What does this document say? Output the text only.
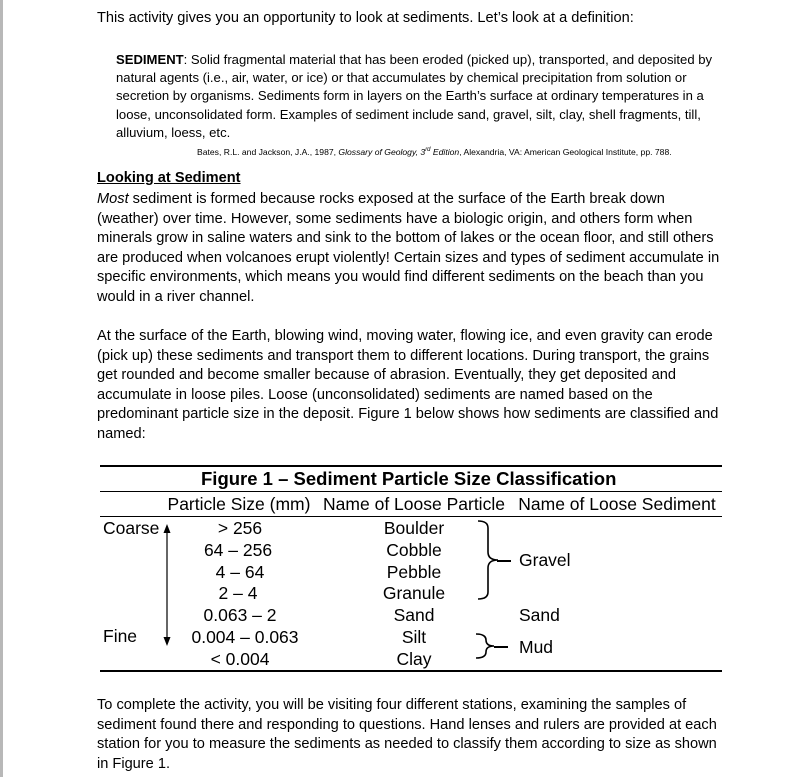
This activity gives you an opportunity to look at sediments. Let’s look at a definition:

SEDIMENT: Solid fragmental material that has been eroded (picked up), transported, and deposited by natural agents (i.e., air, water, or ice) or that accumulates by chemical precipitation from solution or secretion by organisms. Sediments form in layers on the Earth’s surface at ordinary temperatures in a loose, unconsolidated form. Examples of sediment include sand, gravel, silt, clay, shell fragments, till, alluvium, loess, etc.
Bates, R.L. and Jackson, J.A., 1987, Glossary of Geology, 3rd Edition, Alexandria, VA: American Geological Institute, pp. 788.
Looking at Sediment

Most sediment is formed because rocks exposed at the surface of the Earth break down (weather) over time. However, some sediments have a biologic origin, and others form when minerals grow in saline waters and sink to the bottom of lakes or the ocean floor, and still others are produced when volcanoes erupt violently! Certain sizes and types of sediment accumulate in specific environments, which means you would find different sediments on the beach than you would in a river channel.

At the surface of the Earth, blowing wind, moving water, flowing ice, and even gravity can erode (pick up) these sediments and transport them to different locations. During transport, the grains get rounded and become smaller because of abrasion. Eventually, they get deposited and accumulate in loose piles. Loose (unconsolidated) sediments are named based on the predominant particle size in the deposit. Figure 1 below shows how sediments are classified and named:

Figure 1 – Sediment Particle Size Classification
Particle Size (mm) Name of Loose Particle Name of Loose Sediment
Coarse
Fine
> 256
64 – 256
4 – 64
2 – 4
0.063 – 2
0.004 – 0.063
< 0.004
Boulder
Cobble
Pebble
Granule
Sand
Silt
Clay
Gravel
Sand
Mud

To complete the activity, you will be visiting four different stations, examining the samples of sediment found there and responding to questions. Hand lenses and rulers are provided at each station for you to measure the sediments as needed to classify them according to size as shown in Figure 1.
